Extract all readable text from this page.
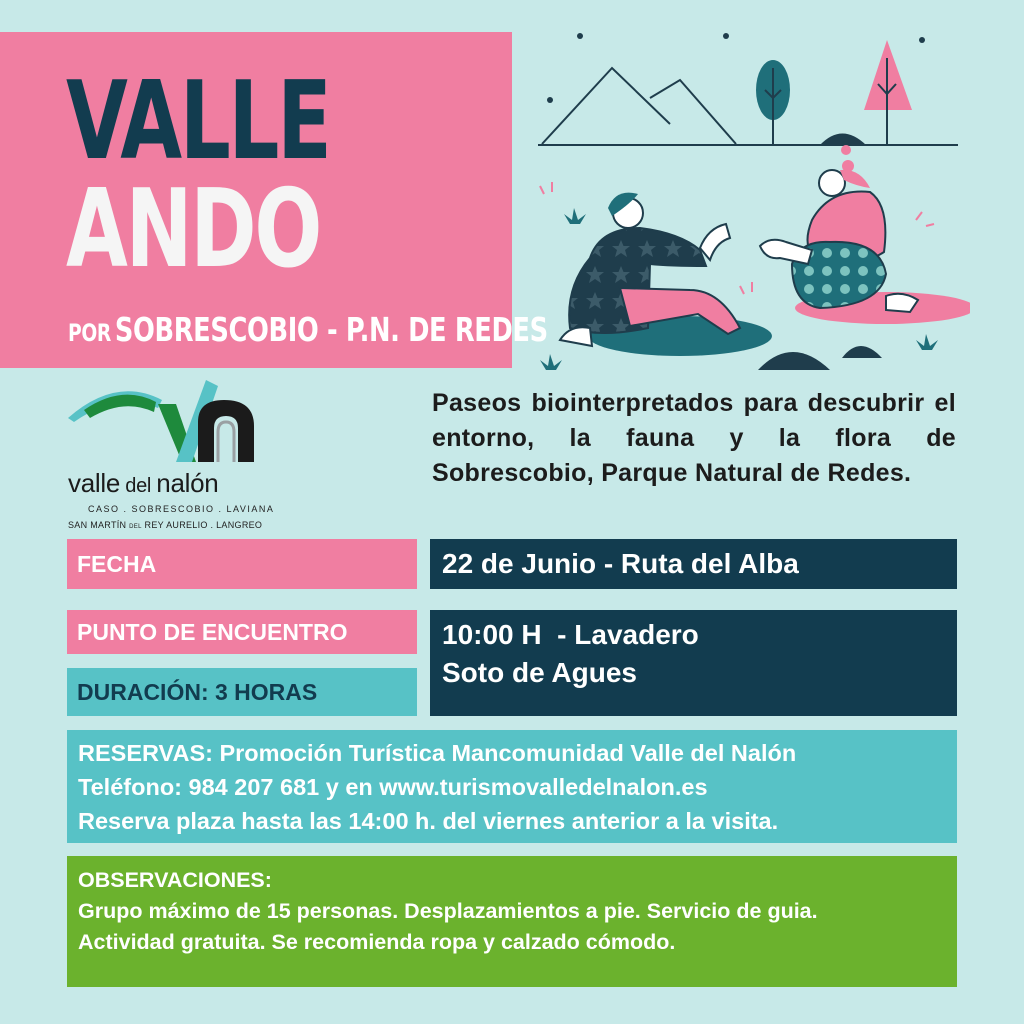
VALLE
ANDO
POR SOBRESCOBIO - P.N. DE REDES
valle del nalón
CASO . SOBRESCOBIO . LAVIANA
SAN MARTÍN DEL REY AURELIO . LANGREO

Paseos biointerpretados para descubrir el entorno, la fauna y la flora de Sobrescobio, Parque Natural de Redes.

FECHA	22 de Junio - Ruta del Alba
PUNTO DE ENCUENTRO
DURACIÓN: 3 HORAS
10:00 H  - Lavadero
Soto de Agues
RESERVAS: Promoción Turística Mancomunidad Valle del Nalón
Teléfono: 984 207 681 y en www.turismovalledelnalon.es
Reserva plaza hasta las 14:00 h. del viernes anterior a la visita.
OBSERVACIONES:
Grupo máximo de 15 personas. Desplazamientos a pie. Servicio de guia.
Actividad gratuita. Se recomienda ropa y calzado cómodo.
